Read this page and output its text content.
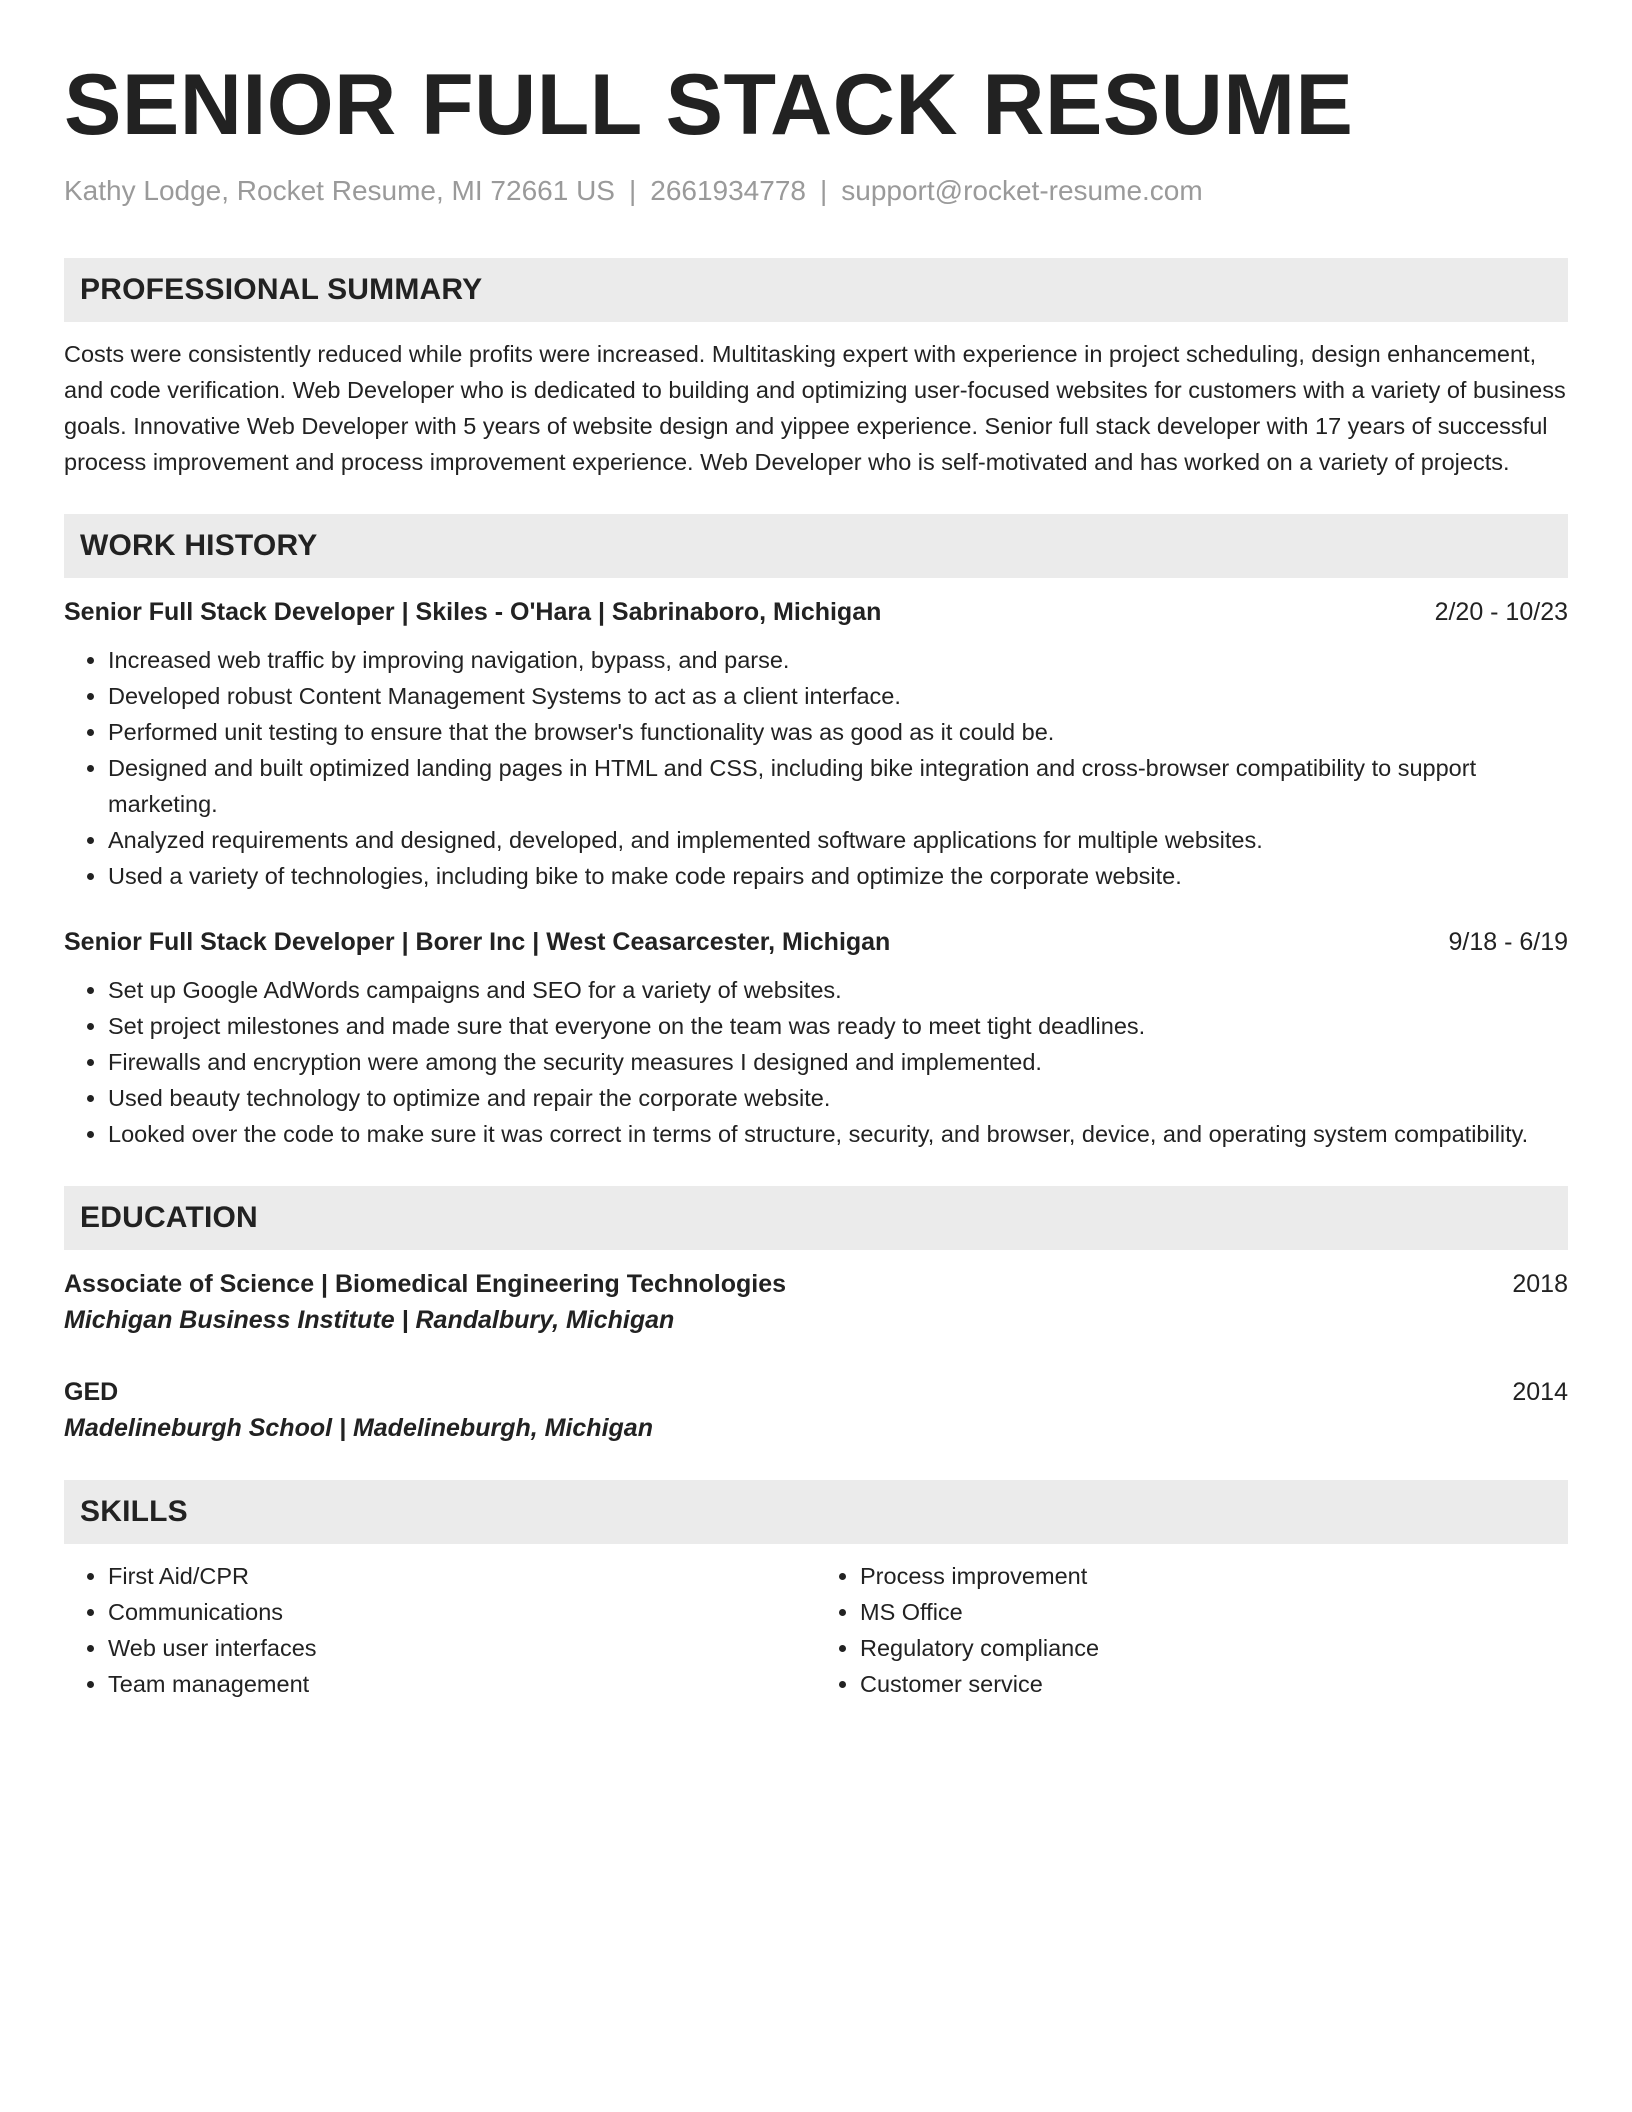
SENIOR FULL STACK RESUME
Kathy Lodge, Rocket Resume, MI 72661 US | 2661934778 | support@rocket-resume.com
PROFESSIONAL SUMMARY

Costs were consistently reduced while profits were increased. Multitasking expert with experience in project scheduling, design enhancement, and code verification. Web Developer who is dedicated to building and optimizing user-focused websites for customers with a variety of business goals. Innovative Web Developer with 5 years of website design and yippee experience. Senior full stack developer with 17 years of successful process improvement and process improvement experience. Web Developer who is self-motivated and has worked on a variety of projects.

WORK HISTORY
Senior Full Stack Developer | Skiles - O'Hara | Sabrinaboro, Michigan	2/20 - 10/23
• Increased web traffic by improving navigation, bypass, and parse.
• Developed robust Content Management Systems to act as a client interface.
• Performed unit testing to ensure that the browser's functionality was as good as it could be.
• Designed and built optimized landing pages in HTML and CSS, including bike integration and cross-browser compatibility to support marketing.
• Analyzed requirements and designed, developed, and implemented software applications for multiple websites.
• Used a variety of technologies, including bike to make code repairs and optimize the corporate website.
Senior Full Stack Developer | Borer Inc | West Ceasarcester, Michigan	9/18 - 6/19
• Set up Google AdWords campaigns and SEO for a variety of websites.
• Set project milestones and made sure that everyone on the team was ready to meet tight deadlines.
• Firewalls and encryption were among the security measures I designed and implemented.
• Used beauty technology to optimize and repair the corporate website.
• Looked over the code to make sure it was correct in terms of structure, security, and browser, device, and operating system compatibility.
EDUCATION
Associate of Science | Biomedical Engineering Technologies	2018
Michigan Business Institute | Randalbury, Michigan
GED	2014
Madelineburgh School | Madelineburgh, Michigan
SKILLS
• First Aid/CPR
• Communications
• Web user interfaces
• Team management
• Process improvement
• MS Office
• Regulatory compliance
• Customer service
